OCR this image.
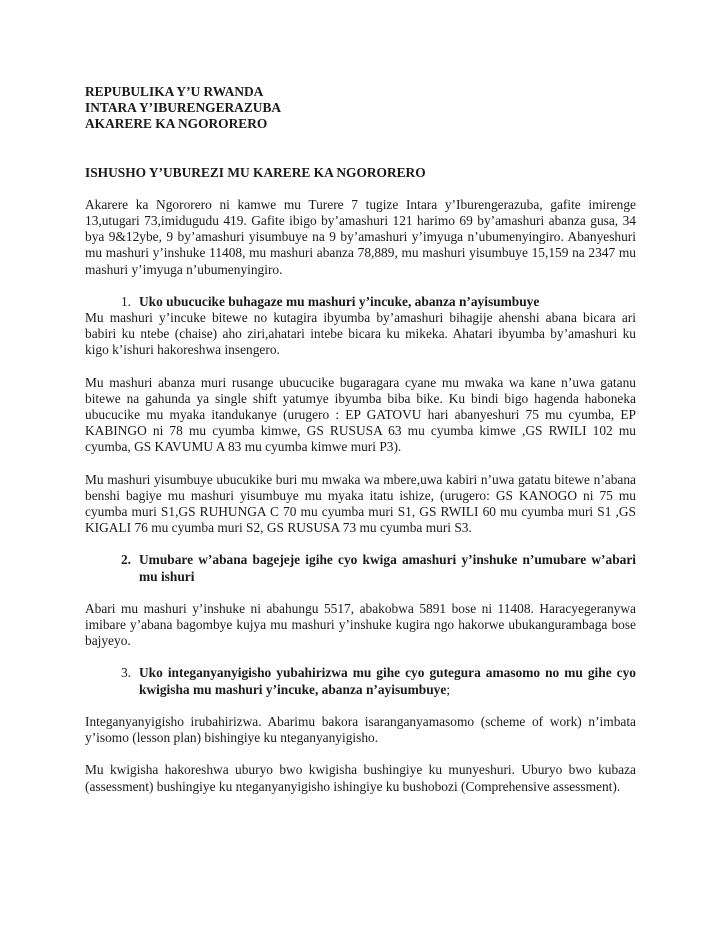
REPUBULIKA Y’U RWANDA

INTARA Y’IBURENGERAZUBA

AKARERE KA NGORORERO

ISHUSHO Y’UBUREZI MU KARERE KA NGORORERO

Akarere ka Ngororero ni kamwe mu Turere 7 tugize Intara y’Iburengerazuba, gafite imirenge 13,utugari 73,imidugudu 419. Gafite ibigo by’amashuri 121 harimo 69 by’amashuri abanza gusa, 34 bya 9&12ybe, 9 by’amashuri yisumbuye na 9 by’amashuri y’imyuga n’ubumenyingiro. Abanyeshuri mu mashuri y’inshuke 11408, mu mashuri abanza 78,889, mu mashuri yisumbuye 15,159 na 2347 mu mashuri y’imyuga n’ubumenyingiro.

1. Uko ubucucike buhagaze mu mashuri y’incuke, abanza n’ayisumbuye

Mu mashuri y’incuke bitewe no kutagira ibyumba by’amashuri bihagije ahenshi abana bicara ari babiri ku ntebe (chaise) aho ziri,ahatari intebe bicara ku mikeka. Ahatari ibyumba by’amashuri ku kigo k’ishuri hakoreshwa insengero.

Mu mashuri abanza muri rusange ubucucike bugaragara cyane mu mwaka wa kane n’uwa gatanu bitewe na gahunda ya single shift yatumye ibyumba biba bike. Ku bindi bigo hagenda haboneka ubucucike mu myaka itandukanye (urugero : EP GATOVU hari abanyeshuri 75 mu cyumba, EP KABINGO ni 78 mu cyumba kimwe, GS RUSUSA 63 mu cyumba kimwe ,GS RWILI 102 mu cyumba, GS KAVUMU A 83 mu cyumba kimwe muri P3).

Mu mashuri yisumbuye ubucukike buri mu mwaka wa mbere,uwa kabiri n’uwa gatatu bitewe n’abana benshi bagiye mu mashuri yisumbuye mu myaka itatu ishize, (urugero: GS KANOGO ni 75 mu cyumba muri S1,GS RUHUNGA C 70 mu cyumba muri S1, GS RWILI 60 mu cyumba muri S1 ,GS KIGALI 76 mu cyumba muri S2, GS RUSUSA 73 mu cyumba muri S3.

2. Umubare w’abana bagejeje igihe cyo kwiga amashuri y’inshuke n’umubare w’abari mu ishuri

Abari mu mashuri y’inshuke ni abahungu 5517, abakobwa 5891 bose ni 11408. Haracyegeranywa imibare y’abana bagombye kujya mu mashuri y’inshuke kugira ngo hakorwe ubukangurambaga bose bajyeyo.

3. Uko integanyanyigisho yubahirizwa mu gihe cyo gutegura amasomo no mu gihe cyo kwigisha mu mashuri y’incuke, abanza n’ayisumbuye;

Integanyanyigisho irubahirizwa. Abarimu bakora isaranganyamasomo (scheme of work) n’imbata y’isomo (lesson plan) bishingiye ku nteganyanyigisho.

Mu kwigisha hakoreshwa uburyo bwo kwigisha bushingiye ku munyeshuri. Uburyo bwo kubaza (assessment) bushingiye ku nteganyanyigisho ishingiye ku bushobozi (Comprehensive assessment).
